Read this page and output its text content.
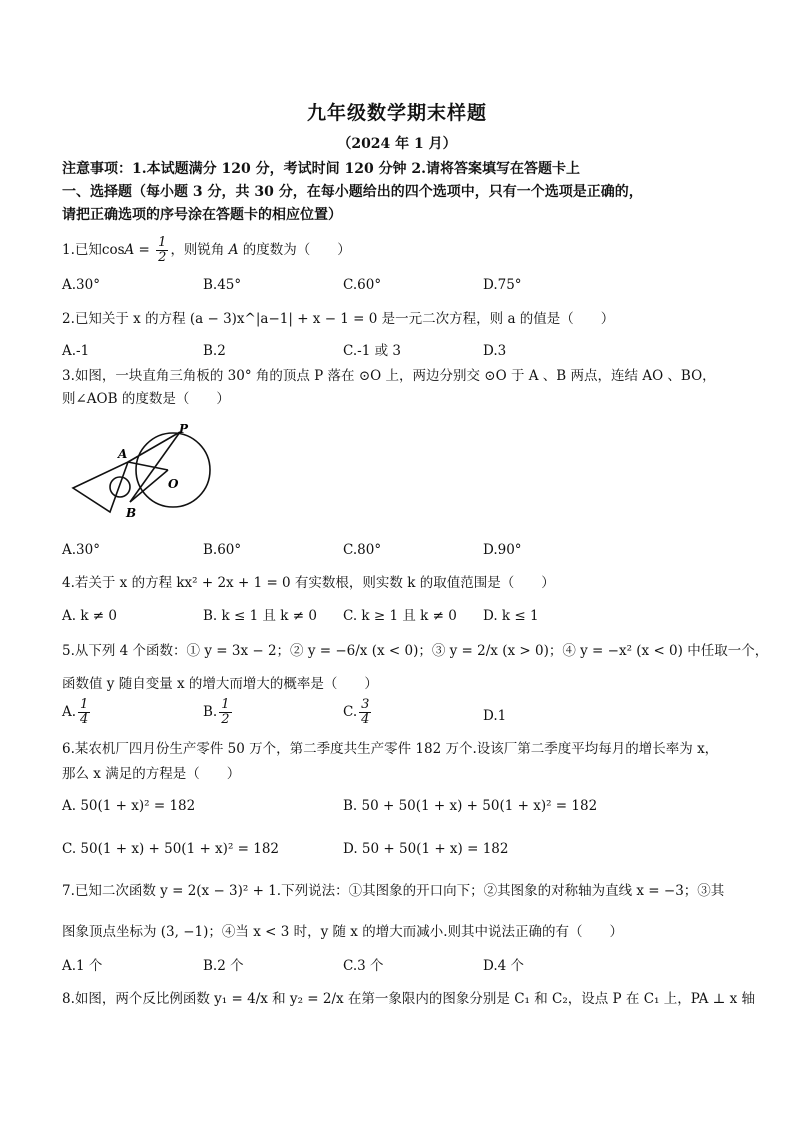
九年级数学期末样题
（2024 年 1 月）
注意事项：1.本试题满分 120 分，考试时间 120 分钟 2.请将答案填写在答题卡上
一、选择题（每小题 3 分，共 30 分，在每小题给出的四个选项中，只有一个选项是正确的，
请把正确选项的序号涂在答题卡的相应位置）
1.已知$\cos A = \frac{1}{2}$ ，则锐角 A 的度数为（　　）
A.30°	B.45°	C.60°	D.75°
2.已知关于 x 的方程 (a − 3)x^|a−1| + x − 1 = 0 是一元二次方程，则 a 的值是（　　）
A.-1	B.2	C.-1 或 3	D.3
3.如图，一块直角三角板的 30° 角的顶点 P 落在 ⊙O 上，两边分别交 ⊙O 于 A 、B 两点，连结 AO 、BO，
则∠AOB 的度数是（　　）
P
A
O
B
A.30°	B.60°	C.80°	D.90°
4.若关于 x 的方程 kx² + 2x + 1 = 0 有实数根，则实数 k 的取值范围是（　　）
A. k ≠ 0	B. k ≤ 1 且 k ≠ 0 C. k ≥ 1 且 k ≠ 0 D. k ≤ 1
5.从下列 4 个函数：① y = 3x − 2；② y = −6/x (x < 0)；③ y = 2/x (x > 0)；④ y = −x² (x < 0) 中任取一个，
函数值 y 随自变量 x 的增大而增大的概率是（　　）
A. $\frac{1}{4}$	B. $\frac{1}{2}$	C. $\frac{3}{4}$	D.1
6.某农机厂四月份生产零件 50 万个，第二季度共生产零件 182 万个.设该厂第二季度平均每月的增长率为 x，
那么 x 满足的方程是（　　）
A. 50(1 + x)² = 182	B. 50 + 50(1 + x) + 50(1 + x)² = 182
C. 50(1 + x) + 50(1 + x)² = 182	D. 50 + 50(1 + x) = 182
7.已知二次函数 y = 2(x − 3)² + 1.下列说法：①其图象的开口向下；②其图象的对称轴为直线 x = −3；③其
图象顶点坐标为 (3, −1)；④当 x < 3 时，y 随 x 的增大而减小.则其中说法正确的有（　　）
A.1 个	B.2 个	C.3 个	D.4 个
8.如图，两个反比例函数 y₁ = 4/x 和 y₂ = 2/x 在第一象限内的图象分别是 C₁ 和 C₂，设点 P 在 C₁ 上，PA ⊥ x 轴
